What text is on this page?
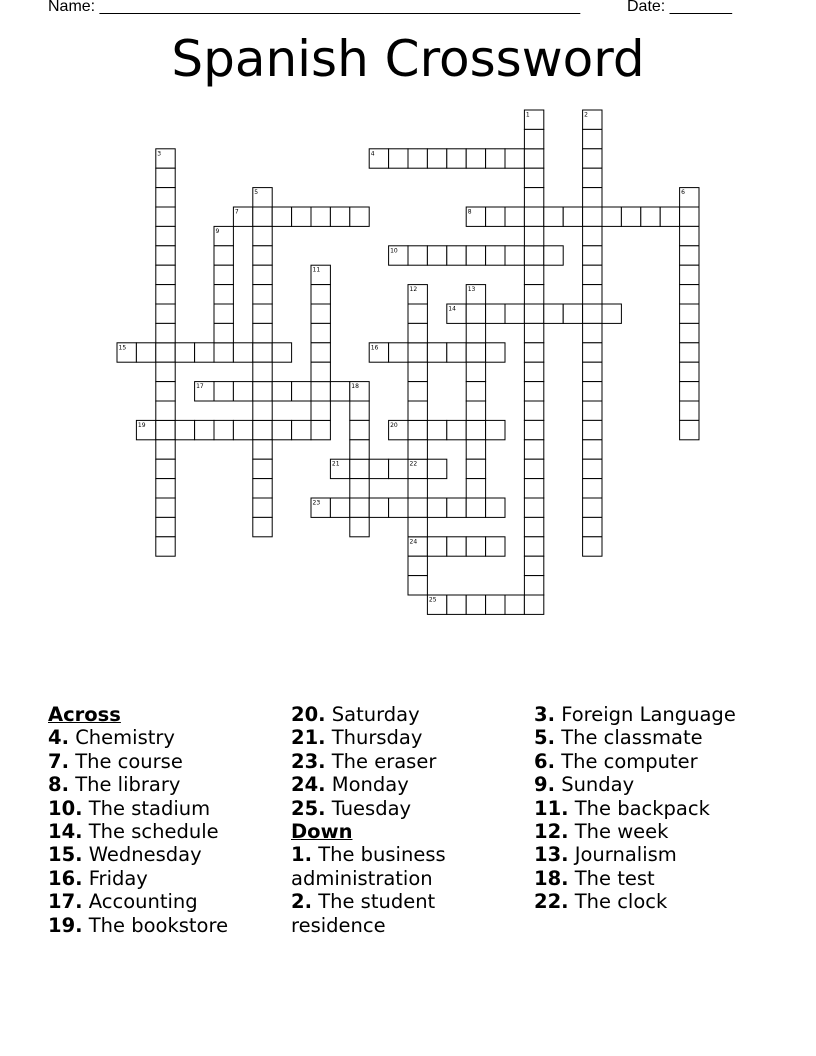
Name: ______________________________________________________	Date: _______
Spanish Crossword
4
7	8
10
14
15	16
17
19	20
21
23
24
25
1	2
3
5	6
9
11
12	13
18
22
Across
4. Chemistry
7. The course
8. The library
10. The stadium
14. The schedule
15. Wednesday
16. Friday
17. Accounting
19. The bookstore
20. Saturday
21. Thursday
23. The eraser
24. Monday
25. Tuesday
Down
1. The business administration
2. The student residence
3. Foreign Language
5. The classmate
6. The computer
9. Sunday
11. The backpack
12. The week
13. Journalism
18. The test
22. The clock
